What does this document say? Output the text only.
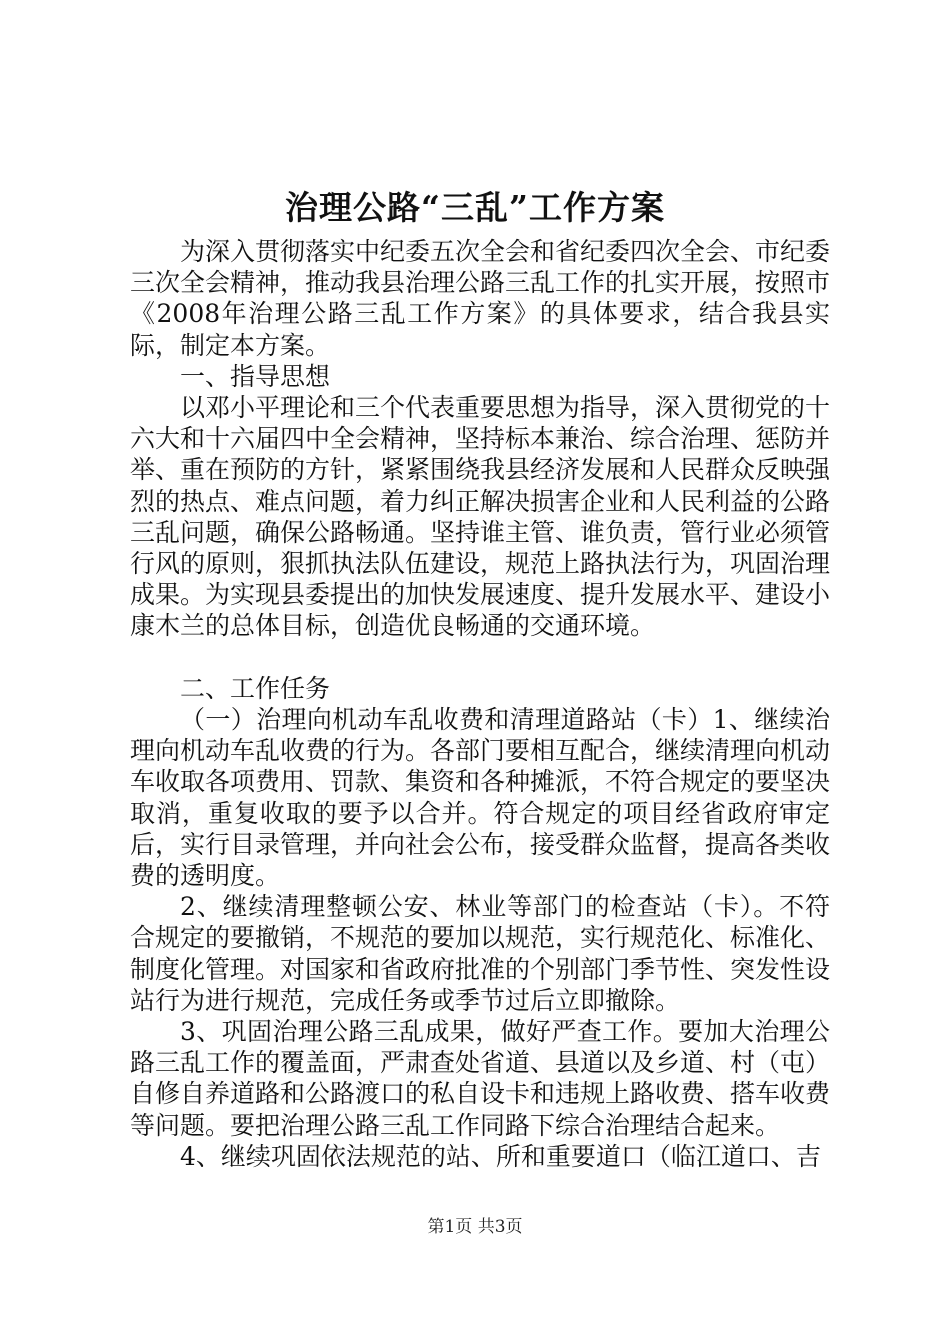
治理公路“三乱”工作方案

为深入贯彻落实中纪委五次全会和省纪委四次全会、市纪委三次全会精神，推动我县治理公路三乱工作的扎实开展，按照市《2008年治理公路三乱工作方案》的具体要求，结合我县实际，制定本方案。

一、指导思想

以邓小平理论和三个代表重要思想为指导，深入贯彻党的十六大和十六届四中全会精神，坚持标本兼治、综合治理、惩防并举、重在预防的方针，紧紧围绕我县经济发展和人民群众反映强烈的热点、难点问题，着力纠正解决损害企业和人民利益的公路三乱问题，确保公路畅通。坚持谁主管、谁负责，管行业必须管行风的原则，狠抓执法队伍建设，规范上路执法行为，巩固治理成果。为实现县委提出的加快发展速度、提升发展水平、建设小康木兰的总体目标，创造优良畅通的交通环境。

二、工作任务

（一）治理向机动车乱收费和清理道路站（卡）1、继续治理向机动车乱收费的行为。各部门要相互配合，继续清理向机动车收取各项费用、罚款、集资和各种摊派，不符合规定的要坚决取消，重复收取的要予以合并。符合规定的项目经省政府审定后，实行目录管理，并向社会公布，接受群众监督，提高各类收费的透明度。

2、继续清理整顿公安、林业等部门的检查站（卡）。不符合规定的要撤销，不规范的要加以规范，实行规范化、标准化、制度化管理。对国家和省政府批准的个别部门季节性、突发性设站行为进行规范，完成任务或季节过后立即撤除。

3、巩固治理公路三乱成果，做好严查工作。要加大治理公路三乱工作的覆盖面，严肃查处省道、县道以及乡道、村（屯）自修自养道路和公路渡口的私自设卡和违规上路收费、搭车收费等问题。要把治理公路三乱工作同路下综合治理结合起来。

4、继续巩固依法规范的站、所和重要道口（临江道口、吉

第1页 共3页
